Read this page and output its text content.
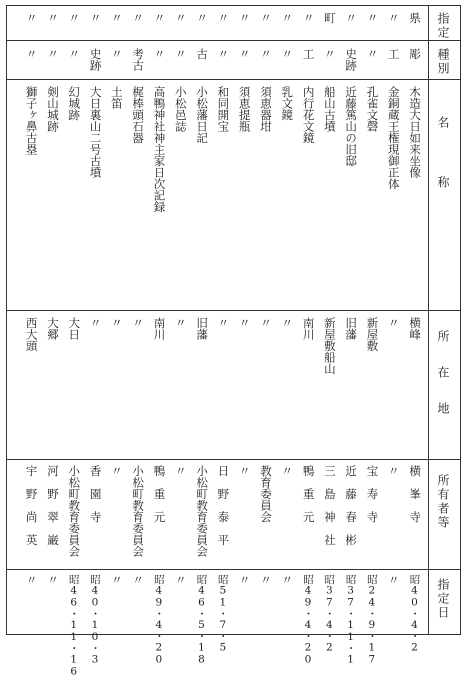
指定
種別
名　　　　称
所　　在　　地
所有者等
指定日
県
彫
木造大日如来坐像
横峰
横　峯　寺
昭40・4・2
〃
工
金銅蔵王権現御正体
〃
〃
〃
〃
〃
孔雀文磬
新屋敷
宝　寿　寺
昭24・9・17
〃
史跡
近藤篤山の旧邸
旧藩
近　藤　春　彬
昭37・11・1
町
〃
船山古墳
新屋敷船山
三　島　神　社
昭37・4・2
〃
工
内行花文鏡
南川
鴨　重　元
昭49・4・20
〃
〃
乳文鏡
〃
〃
〃
〃
〃
須恵器坩
〃
教育委員会
〃
〃
〃
須恵提瓶
〃
〃
〃
〃
〃
和同開宝
〃
日　野　泰　平
昭51・7・5
〃
古
小松藩日記
旧藩
小松町教育委員会
昭46・5・18
〃
〃
小松邑誌
〃
〃
〃
〃
〃
高鴨神社神主家日次記録
南川
鴨　重　元
昭49・4・20
〃
考古
梶棒頭石器
〃
小松町教育委員会
〃
〃
〃
土笛
〃
〃
〃
〃
史跡
大日裏山二号古墳
〃
香　園　寺
昭40・10・3
〃
〃
幻城跡
大日
小松町教育委員会
昭46・11・16
〃
〃
剣山城跡
大郷
河　野　翠　巌
〃
〃
〃
獅子ヶ鼻古塁
西大頭
宇　野　尚　英
〃
